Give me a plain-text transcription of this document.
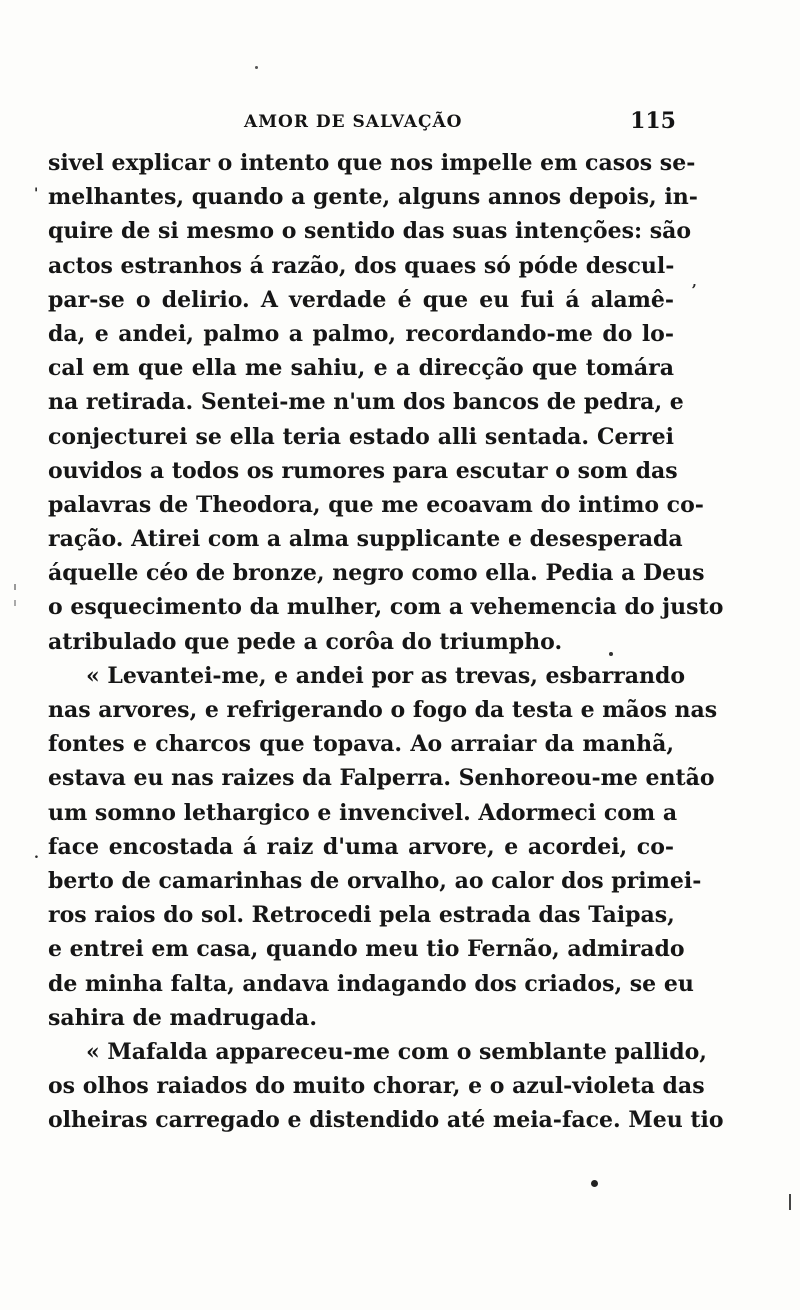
AMOR DE SALVAÇÃO	115
sivel explicar o intento que nos impelle em casos se-
melhantes, quando a gente, alguns annos depois, in-
quire de si mesmo o sentido das suas intenções: são
actos estranhos á razão, dos quaes só póde descul-
par-se o delirio. A verdade é que eu fui á alamê-
da, e andei, palmo a palmo, recordando-me do lo-
cal em que ella me sahiu, e a direcção que tomára
na retirada. Sentei-me n'um dos bancos de pedra, e
conjecturei se ella teria estado alli sentada. Cerrei
ouvidos a todos os rumores para escutar o som das
palavras de Theodora, que me ecoavam do intimo co-
ração. Atirei com a alma supplicante e desesperada
áquelle céo de bronze, negro como ella. Pedia a Deus
o esquecimento da mulher, com a vehemencia do justo
atribulado que pede a corôa do triumpho.
« Levantei-me, e andei por as trevas, esbarrando
nas arvores, e refrigerando o fogo da testa e mãos nas
fontes e charcos que topava. Ao arraiar da manhã,
estava eu nas raizes da Falperra. Senhoreou-me então
um somno lethargico e invencivel. Adormeci com a
face encostada á raiz d'uma arvore, e acordei, co-
berto de camarinhas de orvalho, ao calor dos primei-
ros raios do sol. Retrocedi pela estrada das Taipas,
e entrei em casa, quando meu tio Fernão, admirado
de minha falta, andava indagando dos criados, se eu
sahira de madrugada.
« Mafalda appareceu-me com o semblante pallido,
os olhos raiados do muito chorar, e o azul-violeta das
olheiras carregado e distendido até meia-face. Meu tio
'
.
,
